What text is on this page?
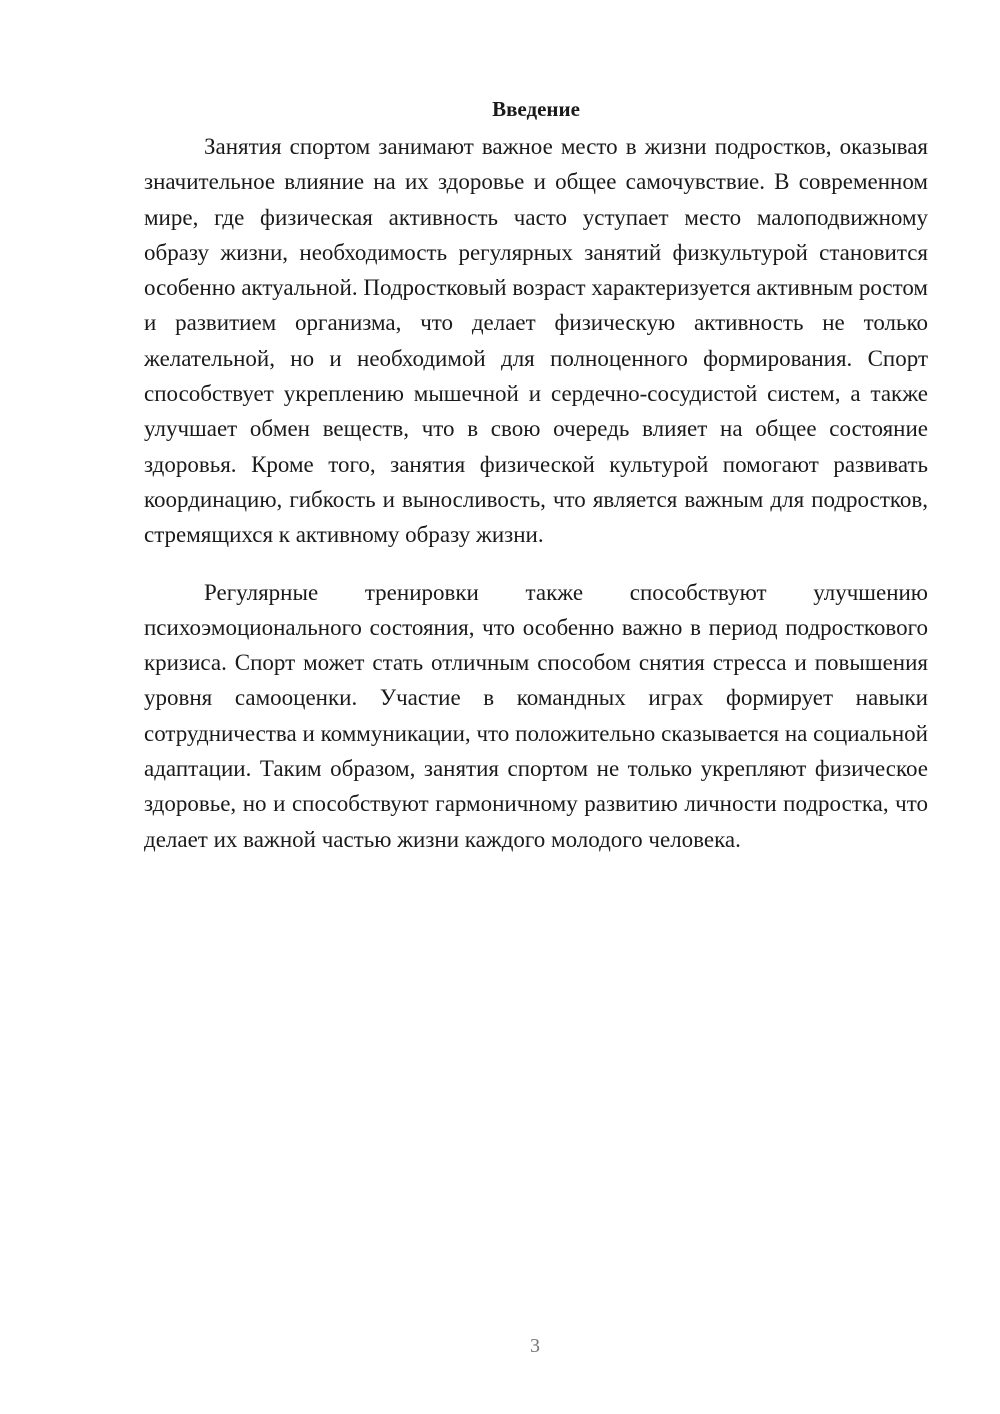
Введение

Занятия спортом занимают важное место в жизни подростков, оказывая значительное влияние на их здоровье и общее самочувствие. В современном мире, где физическая активность часто уступает место малоподвижному образу жизни, необходимость регулярных занятий физкультурой становится особенно актуальной. Подростковый возраст характеризуется активным ростом и развитием организма, что делает физическую активность не только желательной, но и необходимой для полноценного формирования. Спорт способствует укреплению мышечной и сердечно-сосудистой систем, а также улучшает обмен веществ, что в свою очередь влияет на общее состояние здоровья. Кроме того, занятия физической культурой помогают развивать координацию, гибкость и выносливость, что является важным для подростков, стремящихся к активному образу жизни.

Регулярные тренировки также способствуют улучшению психоэмоционального состояния, что особенно важно в период подросткового кризиса. Спорт может стать отличным способом снятия стресса и повышения уровня самооценки. Участие в командных играх формирует навыки сотрудничества и коммуникации, что положительно сказывается на социальной адаптации. Таким образом, занятия спортом не только укрепляют физическое здоровье, но и способствуют гармоничному развитию личности подростка, что делает их важной частью жизни каждого молодого человека.

3
